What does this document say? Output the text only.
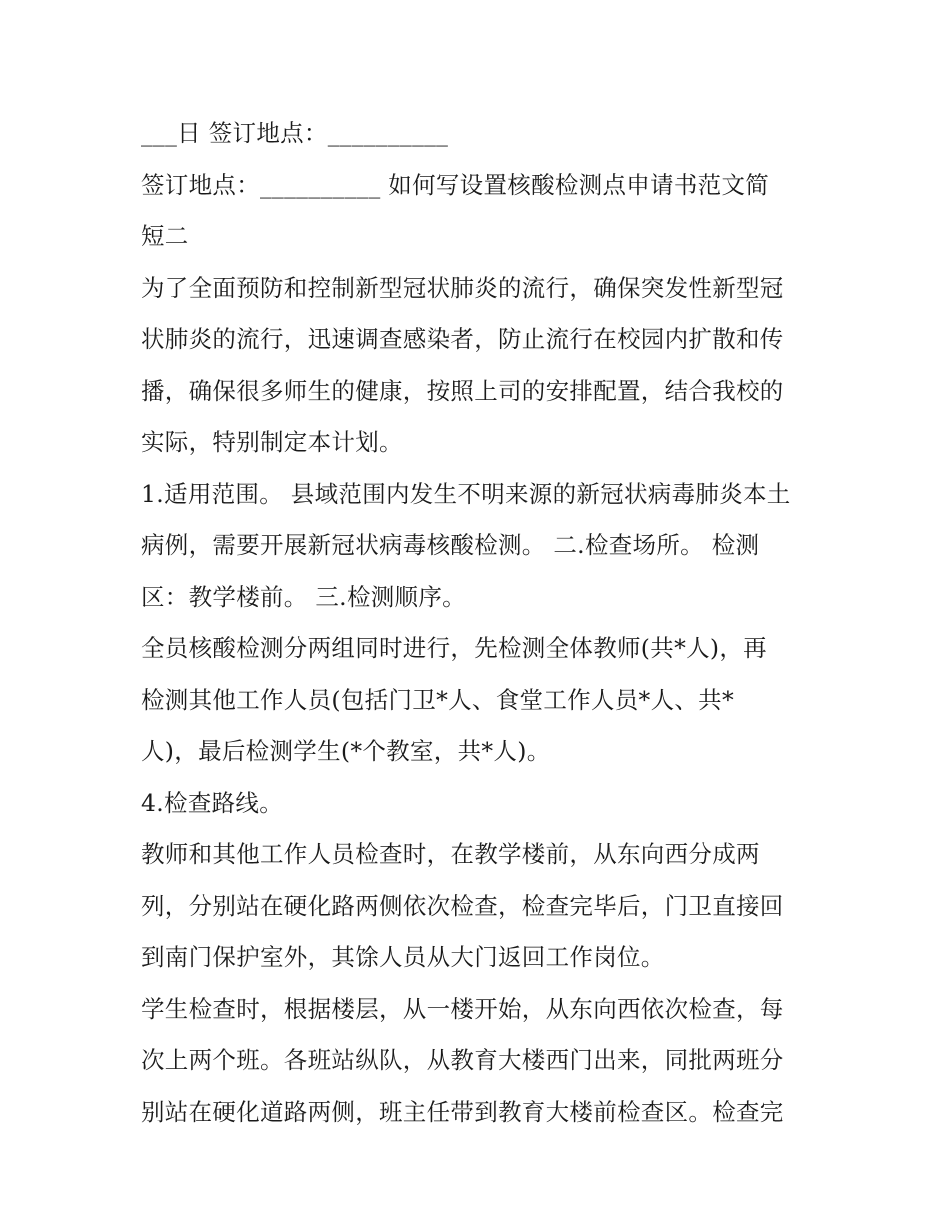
___日 签订地点：__________
签订地点：__________ 如何写设置核酸检测点申请书范文简
短二
为了全面预防和控制新型冠状肺炎的流行，确保突发性新型冠
状肺炎的流行，迅速调查感染者，防止流行在校园内扩散和传
播，确保很多师生的健康，按照上司的安排配置，结合我校的
实际，特别制定本计划。
1.适用范围。 县域范围内发生不明来源的新冠状病毒肺炎本土
病例，需要开展新冠状病毒核酸检测。 二.检查场所。 检测
区：教学楼前。 三.检测顺序。
全员核酸检测分两组同时进行，先检测全体教师(共*人)，再
检测其他工作人员(包括门卫*人、食堂工作人员*人、共*
人)，最后检测学生(*个教室，共*人)。
4.检查路线。
教师和其他工作人员检查时，在教学楼前，从东向西分成两
列，分别站在硬化路两侧依次检查，检查完毕后，门卫直接回
到南门保护室外，其馀人员从大门返回工作岗位。
学生检查时，根据楼层，从一楼开始，从东向西依次检查，每
次上两个班。各班站纵队，从教育大楼西门出来，同批两班分
别站在硬化道路两侧，班主任带到教育大楼前检查区。检查完
